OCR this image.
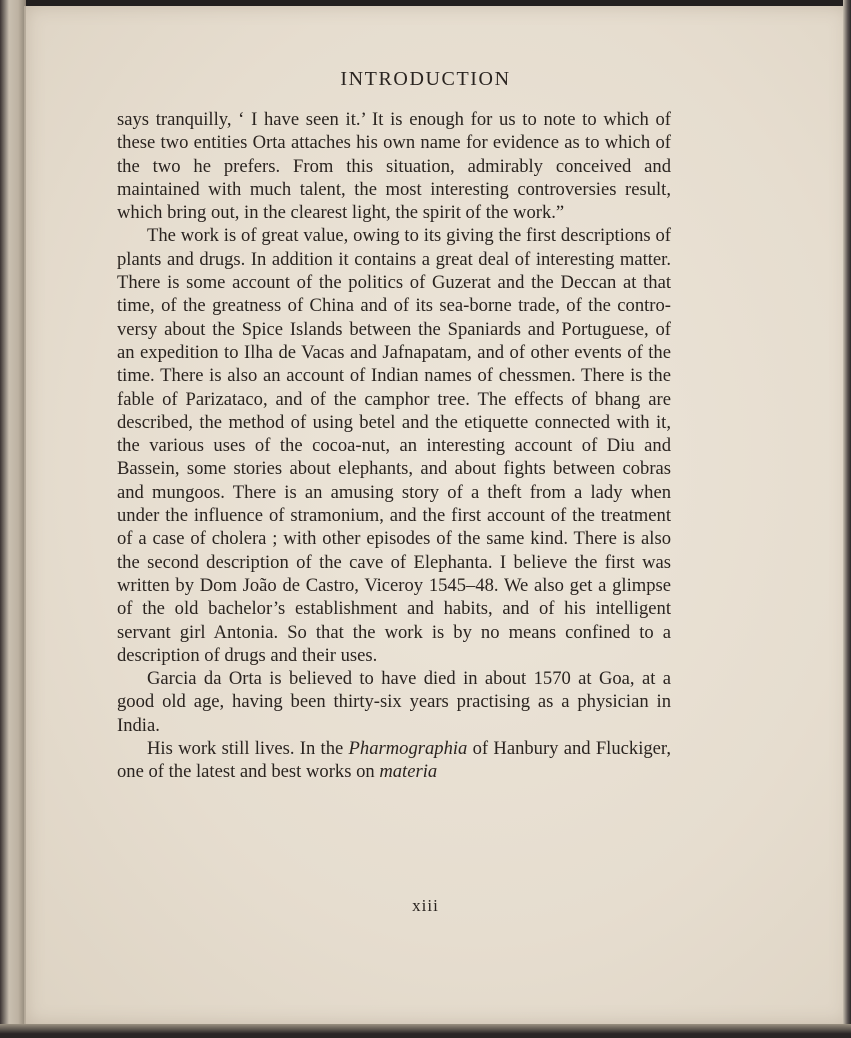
INTRODUCTION

says tranquilly, ‘ I have seen it.’ It is enough for us to note to which of these two entities Orta attaches his own name for evidence as to which of the two he prefers. From this situation, admirably conceived and maintained with much talent, the most interesting controversies result, which bring out, in the clearest light, the spirit of the work.”

The work is of great value, owing to its giving the first descriptions of plants and drugs. In addition it contains a great deal of interesting matter. There is some account of the politics of Guzerat and the Deccan at that time, of the greatness of China and of its sea-borne trade, of the controversy about the Spice Islands between the Spaniards and Portuguese, of an expedition to Ilha de Vacas and Jafnapatam, and of other events of the time. There is also an account of Indian names of chessmen. There is the fable of Parizataco, and of the camphor tree. The effects of bhang are described, the method of using betel and the etiquette connected with it, the various uses of the cocoa-nut, an interesting account of Diu and Bassein, some stories about elephants, and about fights between cobras and mungoos. There is an amusing story of a theft from a lady when under the influence of stramonium, and the first account of the treatment of a case of cholera ; with other episodes of the same kind. There is also the second description of the cave of Elephanta. I believe the first was written by Dom João de Castro, Viceroy 1545–48. We also get a glimpse of the old bachelor’s establishment and habits, and of his intelligent servant girl Antonia. So that the work is by no means confined to a description of drugs and their uses.

Garcia da Orta is believed to have died in about 1570 at Goa, at a good old age, having been thirty-six years practising as a physician in India.

His work still lives. In the Pharmographia of Hanbury and Fluckiger, one of the latest and best works on materia

xiii
